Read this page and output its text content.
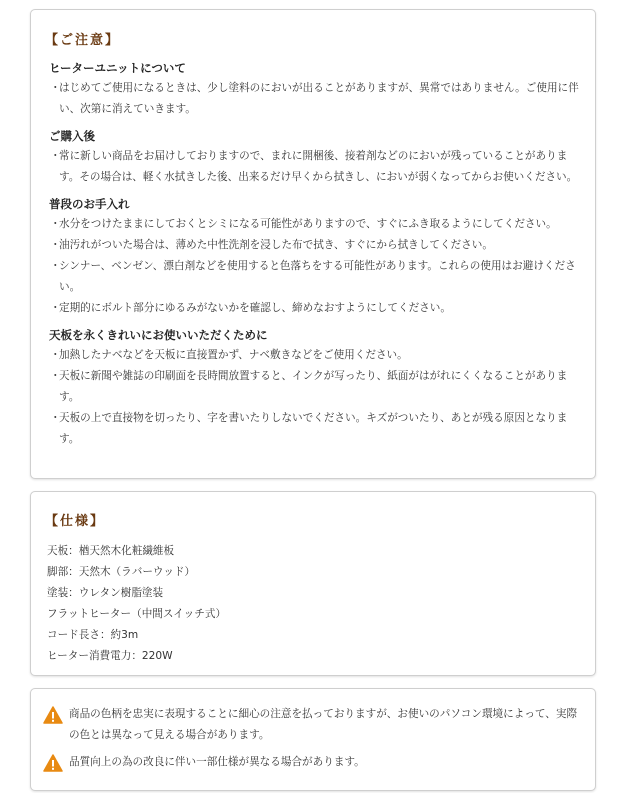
【ご注意】
ヒーターユニットについて
・ はじめてご使用になるときは、少し塗料のにおいが出ることがありますが、異常ではありません。ご使用に伴い、次第に消えていきます。
ご購入後
・ 常に新しい商品をお届けしておりますので、まれに開梱後、接着剤などのにおいが残っていることがあります。その場合は、軽く水拭きした後、出来るだけ早くから拭きし、においが弱くなってからお使いください。
普段のお手入れ
・ 水分をつけたままにしておくとシミになる可能性がありますので、すぐにふき取るようにしてください。
・ 油汚れがついた場合は、薄めた中性洗剤を浸した布で拭き、すぐにから拭きしてください。
・ シンナー、ベンゼン、漂白剤などを使用すると色落ちをする可能性があります。これらの使用はお避けください。
・ 定期的にボルト部分にゆるみがないかを確認し、締めなおすようにしてください。
天板を永くきれいにお使いいただくために
・ 加熱したナベなどを天板に直接置かず、ナベ敷きなどをご使用ください。
・ 天板に新聞や雑誌の印刷面を長時間放置すると、インクが写ったり、紙面がはがれにくくなることがあります。
・ 天板の上で直接物を切ったり、字を書いたりしないでください。キズがついたり、あとが残る原因となります。
【仕様】
天板：楢天然木化粧繊維板
脚部：天然木（ラバーウッド）
塗装：ウレタン樹脂塗装
フラットヒーター（中間スイッチ式）
コード長さ：約3m
ヒーター消費電力：220W
商品の色柄を忠実に表現することに細心の注意を払っておりますが、お使いのパソコン環境によって、実際の色とは異なって見える場合があります。
品質向上の為の改良に伴い一部仕様が異なる場合があります。
